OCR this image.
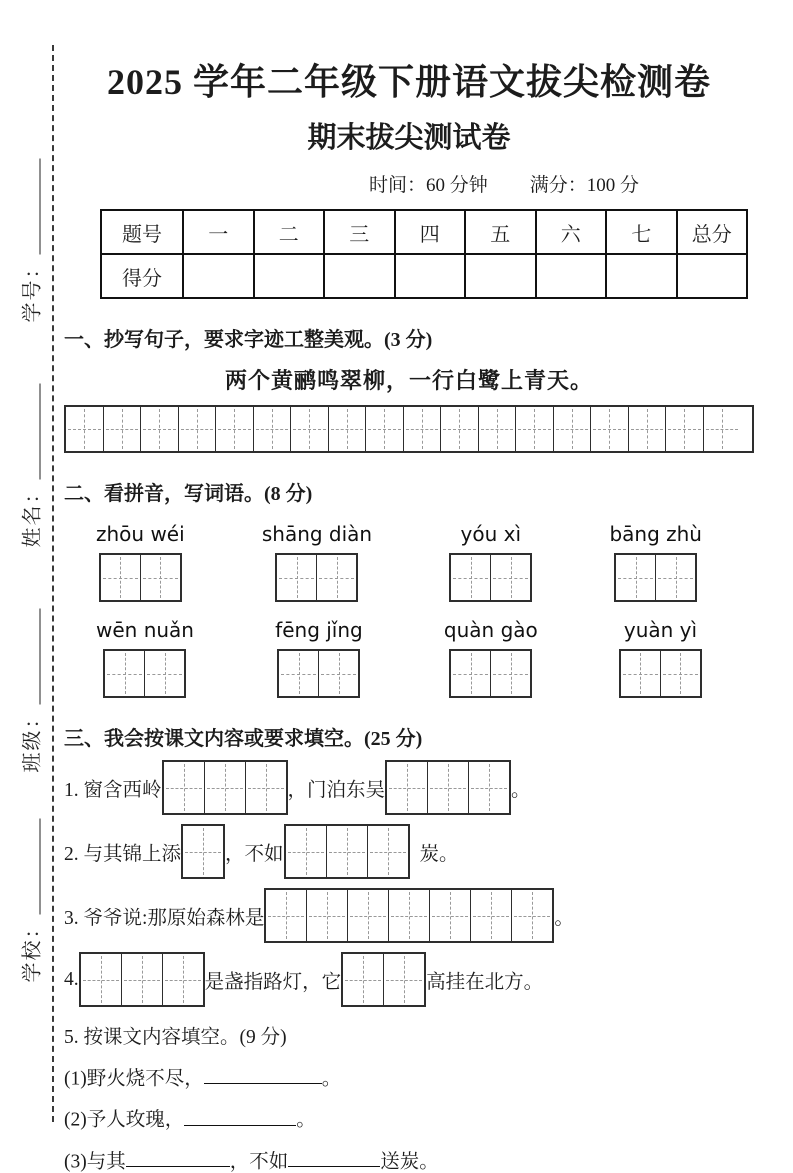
学号：
姓名：
班级：
学校：
2025 学年二年级下册语文拔尖检测卷
期末拔尖测试卷
时间：60 分钟 满分：100 分
题号	一	二	三	四	五	六	七	总分
得分								
一、抄写句子，要求字迹工整美观。(3 分)
两个黄鹂鸣翠柳，一行白鹭上青天。
二、看拼音，写词语。(8 分)
zhōu wéi	shāng diàn	yóu xì	bāng zhù
wēn nuǎn	fēng jǐng	quàn gào	yuàn yì
三、我会按课文内容或要求填空。(25 分)
1. 窗含西岭	，门泊东吴	。
2. 与其锦上添 ，不如	炭。
3. 爷爷说:那原始森林是	。
4.	是盏指路灯，它	高挂在北方。
5. 按课文内容填空。(9 分)
(1)野火烧不尽，	。
(2)予人玫瑰，	。
(3)与其	，不如	送炭。
